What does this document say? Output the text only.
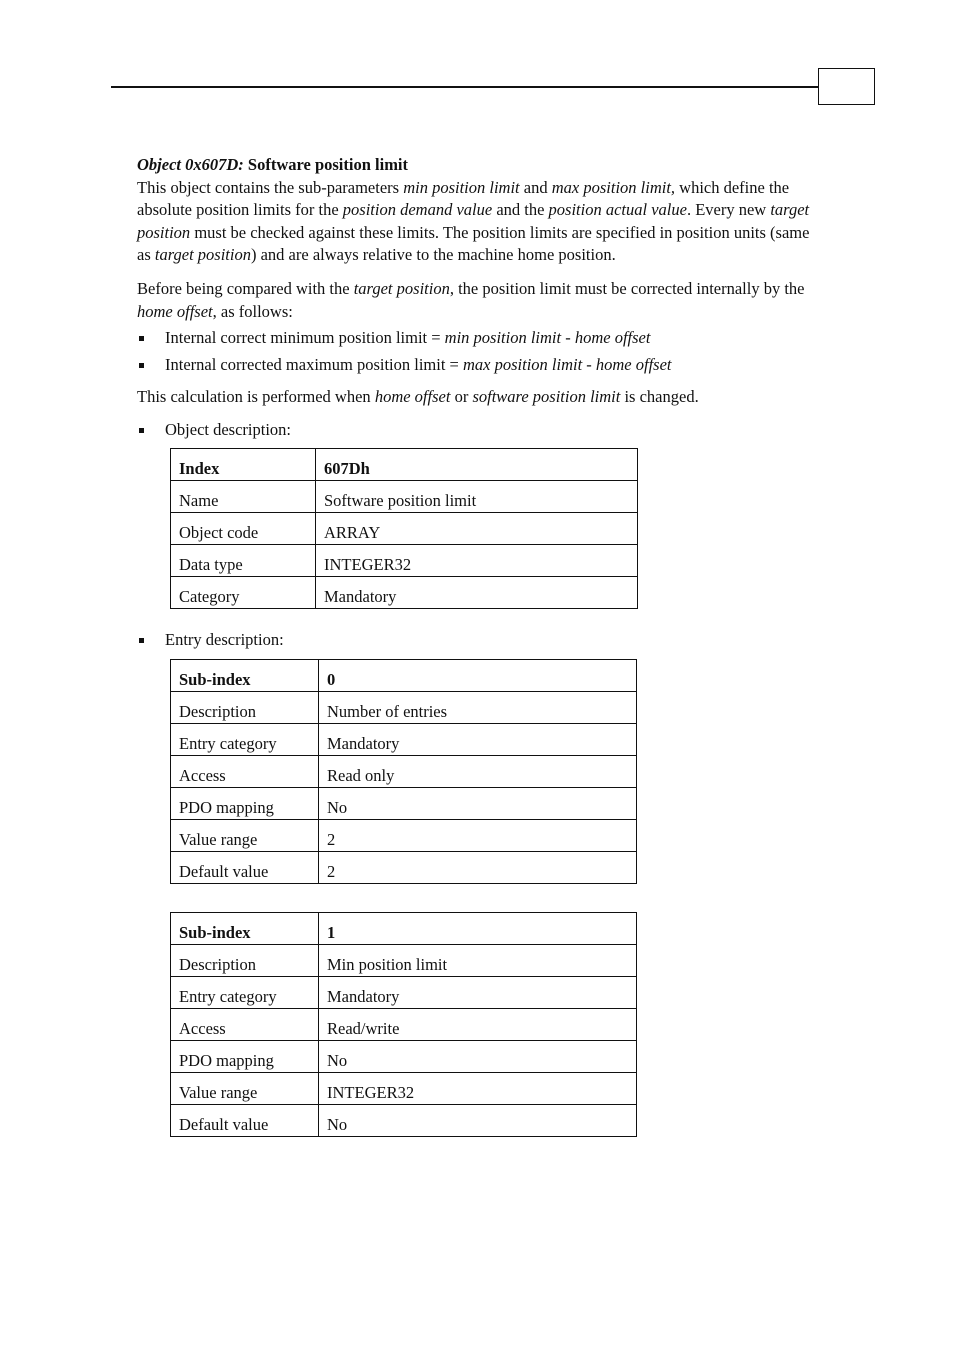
Object 0x607D: Software position limit

This object contains the sub-parameters min position limit and max position limit, which define the absolute position limits for the position demand value and the position actual value. Every new target position must be checked against these limits. The position limits are specified in position units (same as target position) and are always relative to the machine home position.

Before being compared with the target position, the position limit must be corrected internally by the home offset, as follows:

Internal correct minimum position limit = min position limit - home offset
Internal corrected maximum position limit = max position limit - home offset

This calculation is performed when home offset or software position limit is changed.

Object description:
Index	607Dh
Name	Software position limit
Object code	ARRAY
Data type	INTEGER32
Category	Mandatory
Entry description:
Sub-index	0
Description	Number of entries
Entry category	Mandatory
Access	Read only
PDO mapping	No
Value range	2
Default value	2
Sub-index	1
Description	Min position limit
Entry category	Mandatory
Access	Read/write
PDO mapping	No
Value range	INTEGER32
Default value	No
